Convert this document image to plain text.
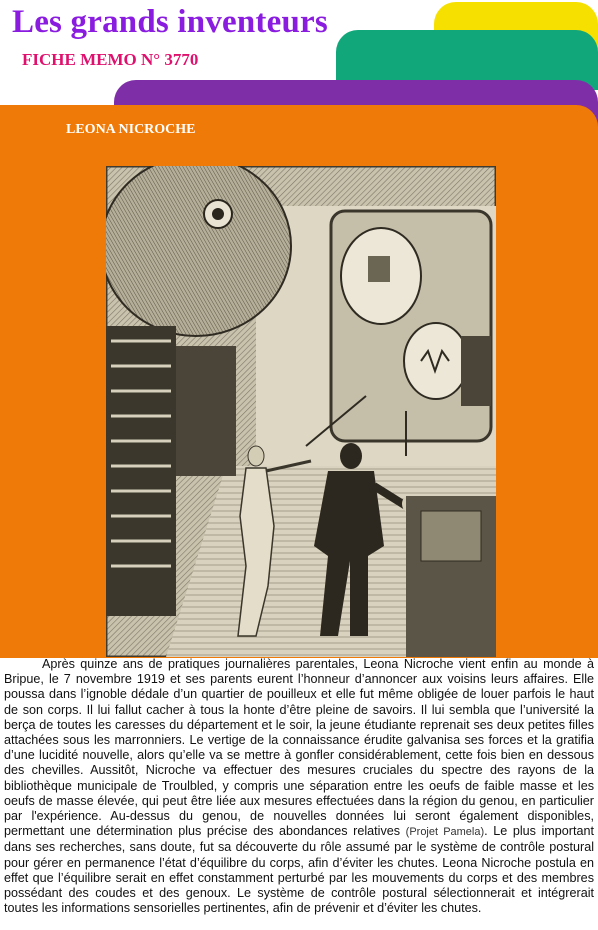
Les grands inventeurs
FICHE MEMO N° 3770
LEONA NICROCHE

Après quinze ans de pratiques journalières parentales, Leona Nicroche vient enfin au monde à Bripue, le 7 novembre 1919 et ses parents eurent l’honneur d’annoncer aux voisins leurs affaires. Elle poussa dans l’ignoble dédale d’un quartier de pouilleux et elle fut même obligée de louer parfois le haut de son corps. Il lui fallut cacher à tous la honte d’être pleine de savoirs. Il lui sembla que l’université la berça de toutes les caresses du département et le soir, la jeune étudiante reprenait ses deux petites filles attachées sous les marronniers. Le vertige de la connaissance érudite galvanisa ses forces et la gratifia d’une lucidité nouvelle, alors qu’elle va se mettre à gonfler considérablement, cette fois bien en dessous des chevilles. Aussitôt, Nicroche va effectuer des mesures cruciales du spectre des rayons de la bibliothèque municipale de Troulbled, y compris une séparation entre les oeufs de faible masse et les oeufs de masse élevée, qui peut être liée aux mesures effectuées dans la région du genou, en particulier par l'expérience. Au-dessus du genou, de nouvelles données lui seront également disponibles, permettant une détermination plus précise des abondances relatives (Projet Pamela). Le plus important dans ses recherches, sans doute, fut sa découverte du rôle assumé par le système de contrôle postural pour gérer en permanence l’état d’équilibre du corps, afin d’éviter les chutes. Leona Nicroche postula en effet que l’équilibre serait en effet constamment perturbé par les mouvements du corps et des membres possédant des coudes et des genoux. Le système de contrôle postural sélectionnerait et intégrerait toutes les informations sensorielles pertinentes, afin de prévenir et d’éviter les chutes.
